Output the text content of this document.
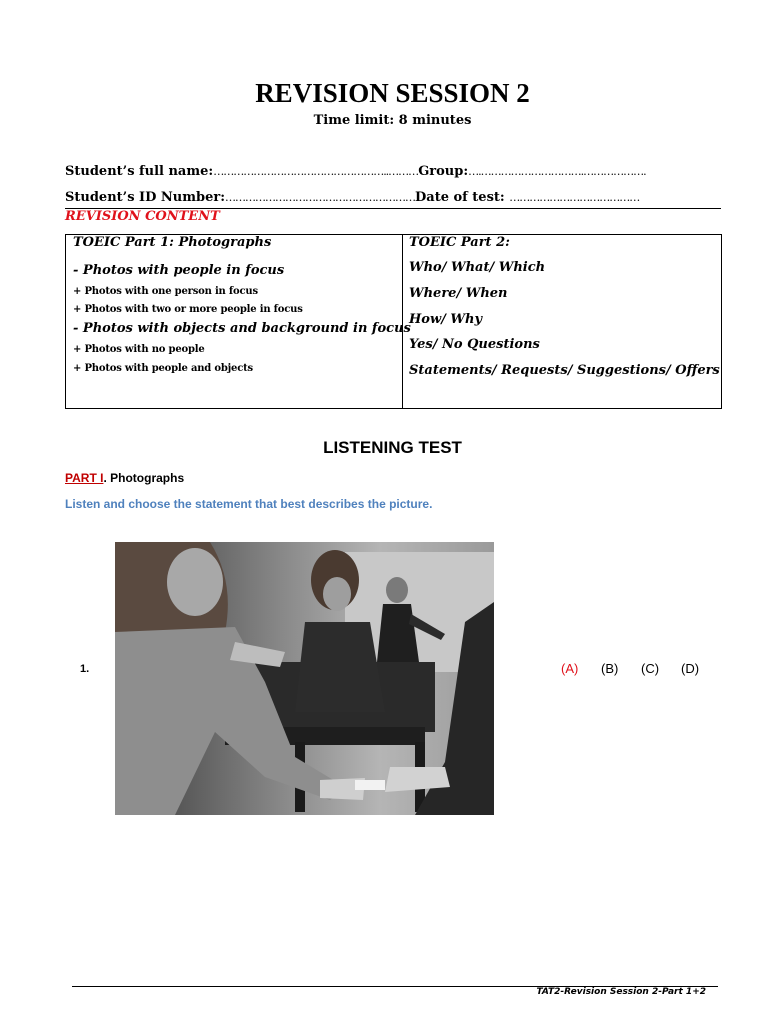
REVISION SESSION 2
Time limit: 8 minutes
Student’s full name:……………………………………………..………Group:….………………………….……………….
Student’s ID Number:…………………………………………………Date of test: …………………………………
REVISION CONTENT
TOEIC Part 1: Photographs
- Photos with people in focus
+ Photos with one person in focus
+ Photos with two or more people in focus
- Photos with objects and background in focus
+ Photos with no people
+ Photos with people and objects
TOEIC Part 2:
Who/ What/ Which
Where/ When
How/ Why
Yes/ No Questions
Statements/ Requests/ Suggestions/ Offers
LISTENING TEST
PART I. Photographs
Listen and choose the statement that best describes the picture.
1.	(A) (B) (C) (D)
TAT2-Revision Session 2-Part 1+2
